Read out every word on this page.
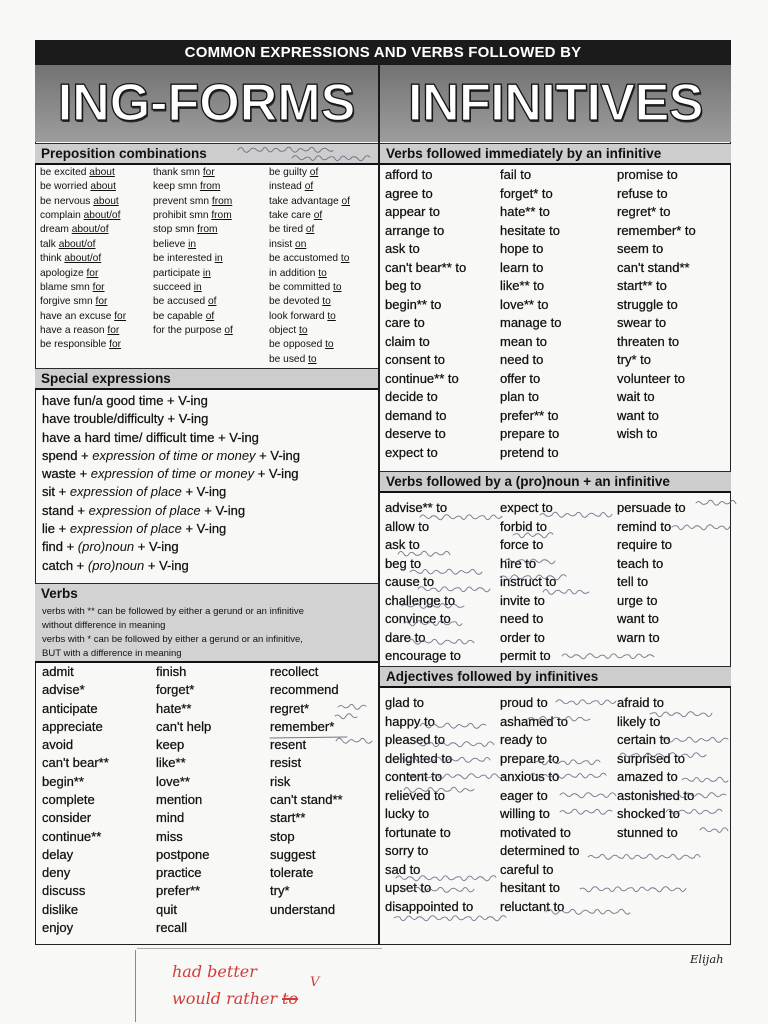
COMMON EXPRESSIONS AND VERBS FOLLOWED BY
ING-FORMS	INFINITIVES
Preposition combinations
be excited about
be worried about
be nervous about
complain about/of
dream about/of
talk about/of
think about/of
apologize for
blame smn for
forgive smn for
have an excuse for
have a reason for
be responsible for
thank smn for
keep smn from
prevent smn from
prohibit smn from
stop smn from
believe in
be interested in
participate in
succeed in
be accused of
be capable of
for the purpose of
be guilty of
instead of
take advantage of
take care of
be tired of
insist on
be accustomed to
in addition to
be committed to
be devoted to
look forward to
object to
be opposed to
be used to
Special expressions
have fun/a good time + V-ing
have trouble/difficulty + V-ing
have a hard time/ difficult time + V-ing
spend + expression of time or money + V-ing
waste + expression of time or money + V-ing
sit + expression of place + V-ing
stand + expression of place + V-ing
lie + expression of place + V-ing
find + (pro)noun + V-ing
catch + (pro)noun + V-ing
Verbs
verbs with ** can be followed by either a gerund or an infinitive
without difference in meaning
verbs with * can be followed by either a gerund or an infinitive,
BUT with a difference in meaning
admit
advise*
anticipate
appreciate
avoid
can't bear**
begin**
complete
consider
continue**
delay
deny
discuss
dislike
enjoy
finish
forget*
hate**
can't help
keep
like**
love**
mention
mind
miss
postpone
practice
prefer**
quit
recall
recollect
recommend
regret*
remember*
resent
resist
risk
can't stand**
start**
stop
suggest
tolerate
try*
understand
Verbs followed immediately by an infinitive
afford to
agree to
appear to
arrange to
ask to
can't bear** to
beg to
begin** to
care to
claim to
consent to
continue** to
decide to
demand to
deserve to
expect to
fail to
forget* to
hate** to
hesitate to
hope to
learn to
like** to
love** to
manage to
mean to
need to
offer to
plan to
prefer** to
prepare to
pretend to
promise to
refuse to
regret* to
remember* to
seem to
can't stand**
start** to
struggle to
swear to
threaten to
try* to
volunteer to
wait to
want to
wish to
Verbs followed by a (pro)noun + an infinitive
advise** to
allow to
ask to
beg to
cause to
challenge to
convince to
dare to
encourage to
expect to
forbid to
force to
hire to
instruct to
invite to
need to
order to
permit to
persuade to
remind to
require to
teach to
tell to
urge to
want to
warn to
Adjectives followed by infinitives
glad to
happy to
pleased to
delighted to
content to
relieved to
lucky to
fortunate to
sorry to
sad to
upset to
disappointed to
proud to
ashamed to
ready to
prepare to
anxious to
eager to
willing to
motivated to
determined to
careful to
hesitant to
reluctant to
afraid to
likely to
certain to
surprised to
amazed to
astonished to
shocked to
stunned to
had better
would rather to
V
Elijah
